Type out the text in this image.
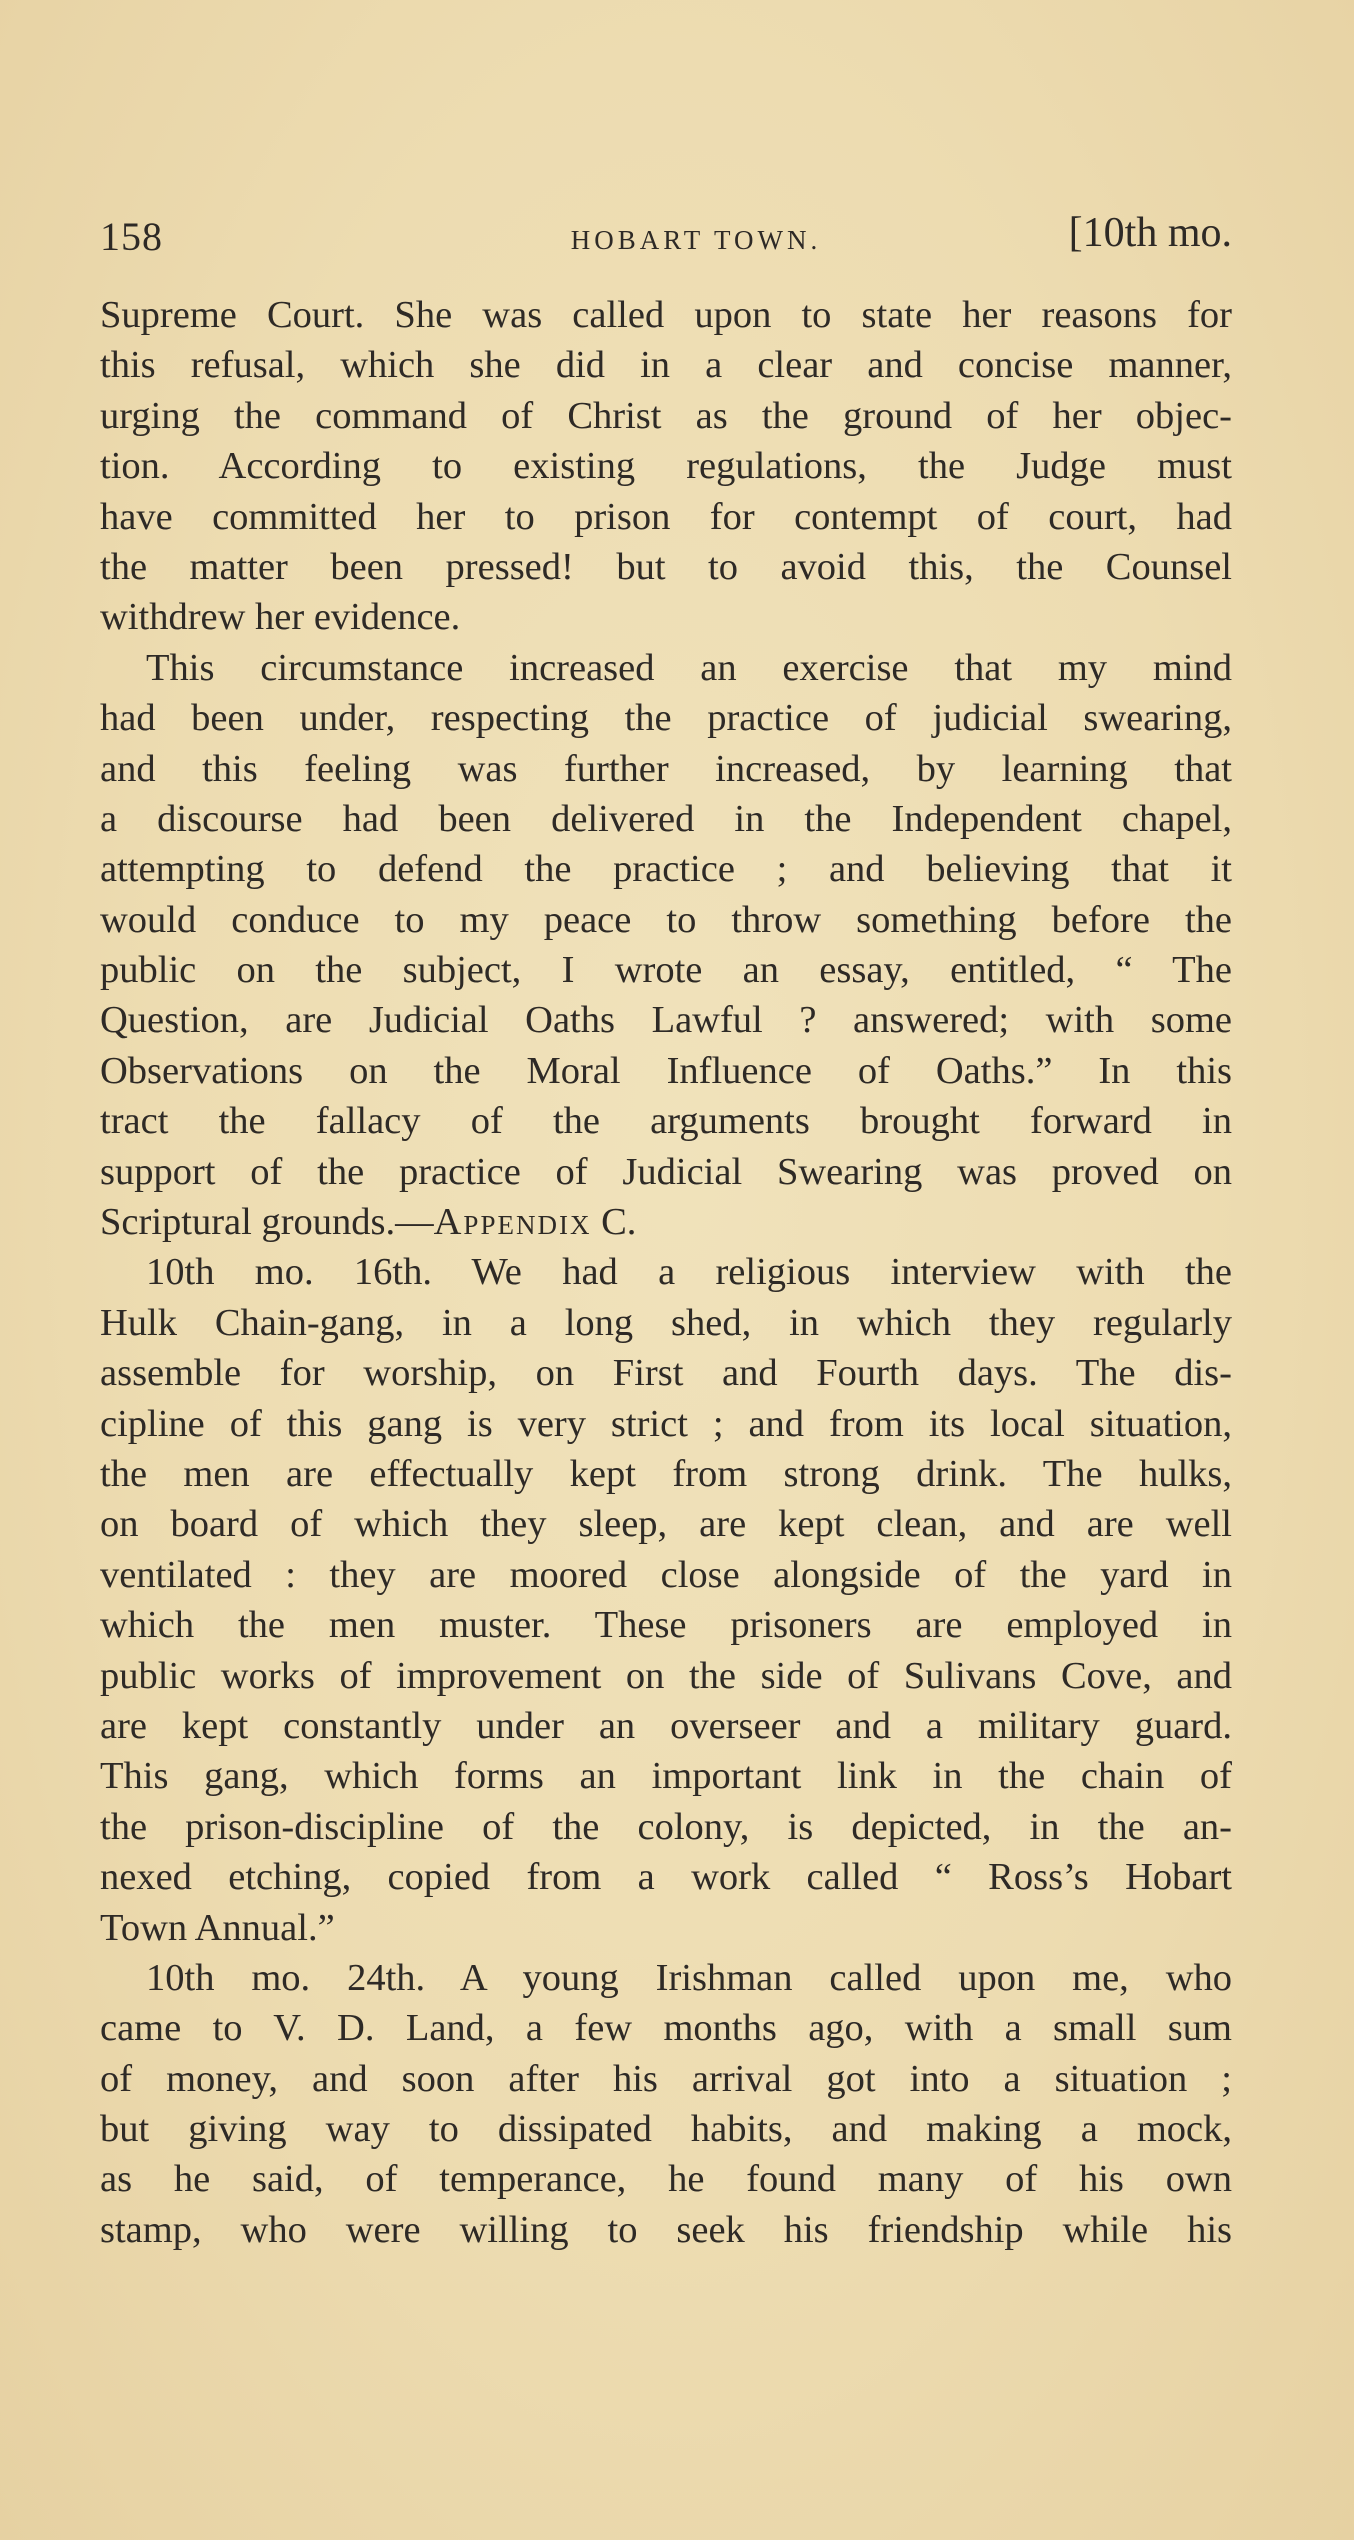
158	HOBART TOWN.	[10th mo.
Supreme Court. She was called upon to state her reasons for
this refusal, which she did in a clear and concise manner,
urging the command of Christ as the ground of her objec-
tion. According to existing regulations, the Judge must
have committed her to prison for contempt of court, had
the matter been pressed! but to avoid this, the Counsel
withdrew her evidence.
This circumstance increased an exercise that my mind
had been under, respecting the practice of judicial swearing,
and this feeling was further increased, by learning that
a discourse had been delivered in the Independent chapel,
attempting to defend the practice ; and believing that it
would conduce to my peace to throw something before the
public on the subject, I wrote an essay, entitled, “ The
Question, are Judicial Oaths Lawful ? answered; with some
Observations on the Moral Influence of Oaths.” In this
tract the fallacy of the arguments brought forward in
support of the practice of Judicial Swearing was proved on
Scriptural grounds.—Appendix C.
10th mo. 16th. We had a religious interview with the
Hulk Chain-gang, in a long shed, in which they regularly
assemble for worship, on First and Fourth days. The dis-
cipline of this gang is very strict ; and from its local situation,
the men are effectually kept from strong drink. The hulks,
on board of which they sleep, are kept clean, and are well
ventilated : they are moored close alongside of the yard in
which the men muster. These prisoners are employed in
public works of improvement on the side of Sulivans Cove, and
are kept constantly under an overseer and a military guard.
This gang, which forms an important link in the chain of
the prison-discipline of the colony, is depicted, in the an-
nexed etching, copied from a work called “ Ross’s Hobart
Town Annual.”
10th mo. 24th. A young Irishman called upon me, who
came to V. D. Land, a few months ago, with a small sum
of money, and soon after his arrival got into a situation ;
but giving way to dissipated habits, and making a mock,
as he said, of temperance, he found many of his own
stamp, who were willing to seek his friendship while his
